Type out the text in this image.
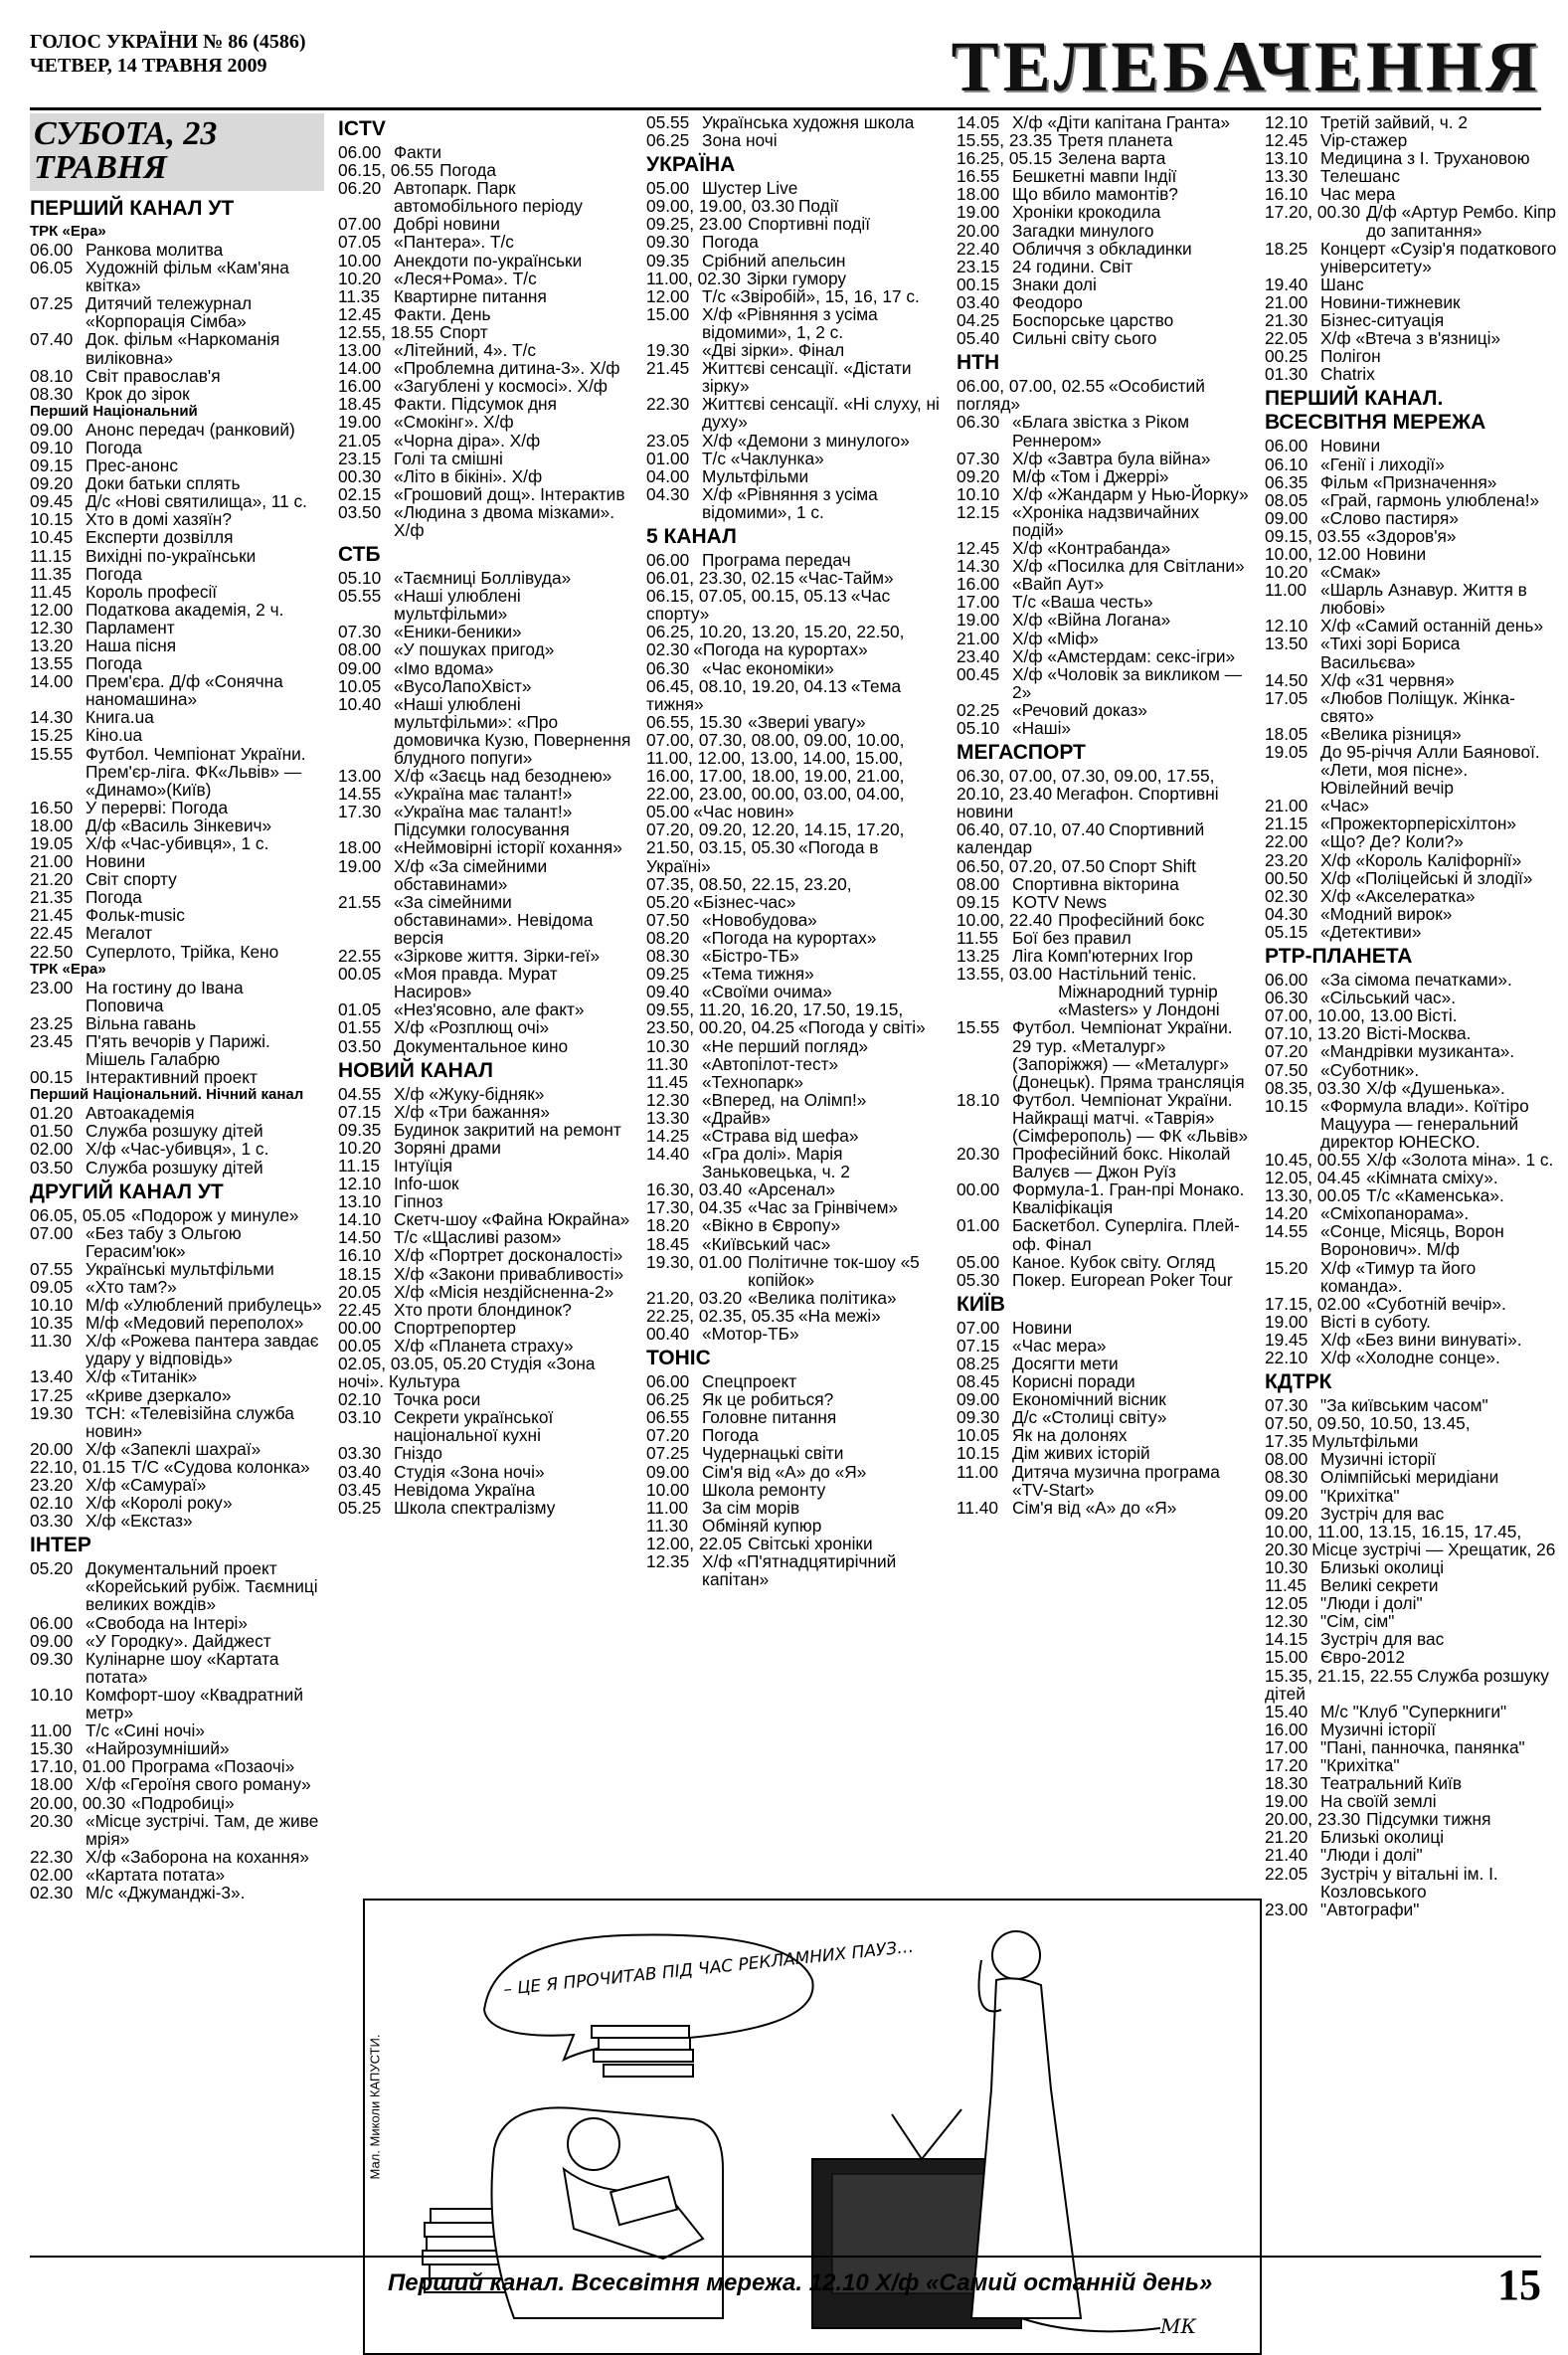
ГОЛОС УКРАЇНИ № 86 (4586)
ЧЕТВЕР, 14 ТРАВНЯ 2009	ТЕЛЕБАЧЕННЯ
СУБОТА, 23 ТРАВНЯ
ПЕРШИЙ КАНАЛ УТ
ТРК «Ера»
06.00 Ранкова молитва
06.05 Художній фільм «Кам'яна квітка»
07.25 Дитячий тележурнал «Корпорація Сімба»
07.40 Док. фільм «Наркоманія виліковна»
08.10 Світ православ'я
08.30 Крок до зірок
Перший Національний
09.00 Анонс передач (ранковий)
09.10 Погода
09.15 Прес-анонс
09.20 Доки батьки сплять
09.45 Д/с «Нові святилища», 11 с.
10.15 Хто в домі хазяїн?
10.45 Експерти дозвілля
11.15 Вихідні по-українськи
11.35 Погода
11.45 Король професії
12.00 Податкова академія, 2 ч.
12.30 Парламент
13.20 Наша пісня
13.55 Погода
14.00 Прем'єра. Д/ф «Сонячна наномашина»
14.30 Книга.ua
15.25 Кіно.ua
15.55 Футбол. Чемпіонат України. Прем'єр-ліга. ФК«Львів» — «Динамо»(Київ)
16.50 У перерві: Погода
18.00 Д/ф «Василь Зінкевич»
19.05 Х/ф «Час-убивця», 1 с.
21.00 Новини
21.20 Світ спорту
21.35 Погода
21.45 Фольк-music
22.45 Мегалот
22.50 Суперлото, Трійка, Кено
ТРК «Ера»
23.00 На гостину до Івана Поповича
23.25 Вільна гавань
23.45 П'ять вечорів у Парижі. Мішель Галабрю
00.15 Інтерактивний проект
Перший Національний. Нічний канал
01.20 Автоакадемія
01.50 Служба розшуку дітей
02.00 Х/ф «Час-убивця», 1 с.
03.50 Служба розшуку дітей
ДРУГИЙ КАНАЛ УТ
06.05, 05.05 «Подорож у минуле»
07.00 «Без табу з Ольгою Герасим'юк»
07.55 Українські мультфільми
09.05 «Хто там?»
10.10 М/ф «Улюблений прибулець»
10.35 М/ф «Медовий переполох»
11.30 Х/ф «Рожева пантера завдає удару у відповідь»
13.40 Х/ф «Титанік»
17.25 «Криве дзеркало»
19.30 ТСН: «Телевізійна служба новин»
20.00 Х/ф «Запеклі шахраї»
22.10, 01.15 Т/С «Судова колонка»
23.20 Х/ф «Самураї»
02.10 Х/ф «Королі року»
03.30 Х/ф «Екстаз»
ІНТЕР
05.20 Документальний проект «Корейський рубіж. Таємниці великих вождів»
06.00 «Свобода на Інтері»
09.00 «У Городку». Дайджест
09.30 Кулінарне шоу «Картата потата»
10.10 Комфорт-шоу «Квадратний метр»
11.00 Т/с «Сині ночі»
15.30 «Найрозумніший»
17.10, 01.00 Програма «Позаочі»
18.00 Х/ф «Героїня свого роману»
20.00, 00.30 «Подробиці»
20.30 «Місце зустрічі. Там, де живе мрія»
22.30 Х/ф «Заборона на кохання»
02.00 «Картата потата»
02.30 М/с «Джуманджі-3».
ICTV
06.00 Факти
06.15, 06.55 Погода
06.20 Автопарк. Парк автомобільного періоду
07.00 Добрі новини
07.05 «Пантера». Т/с
10.00 Анекдоти по-українськи
10.20 «Леся+Рома». Т/с
11.35 Квартирне питання
12.45 Факти. День
12.55, 18.55 Спорт
13.00 «Літейний, 4». Т/с
14.00 «Проблемна дитина-3». Х/ф
16.00 «Загублені у космосі». Х/ф
18.45 Факти. Підсумок дня
19.00 «Смокінг». Х/ф
21.05 «Чорна діра». Х/ф
23.15 Голі та смішні
00.30 «Літо в бікіні». Х/ф
02.15 «Грошовий дощ». Інтерактив
03.50 «Людина з двома мізками». Х/ф
СТБ
05.10 «Таємниці Боллівуда»
05.55 «Наші улюблені мультфільми»
07.30 «Еники-беники»
08.00 «У пошуках пригод»
09.00 «Імо вдома»
10.05 «ВусоЛапоХвіст»
10.40 «Наші улюблені мультфільми»: «Про домовичка Кузю, Повернення блудного попуги»
13.00 Х/ф «Заєць над безоднею»
14.55 «Україна має талант!»
17.30 «Україна має талант!» Підсумки голосування
18.00 «Неймовірні історії кохання»
19.00 Х/ф «За сімейними обставинами»
21.55 «За сімейними обставинами». Невідома версія
22.55 «Зіркове життя. Зірки-геї»
00.05 «Моя правда. Мурат Насиров»
01.05 «Нез'ясовно, але факт»
01.55 Х/ф «Розплющ очі»
03.50 Документальное кино
НОВИЙ КАНАЛ
04.55 Х/ф «Жуку-бідняк»
07.15 Х/ф «Три бажання»
09.35 Будинок закритий на ремонт
10.20 Зоряні драми
11.15 Інтуїція
12.10 Info-шок
13.10 Гіпноз
14.10 Скетч-шоу «Файна Юкрайна»
14.50 Т/с «Щасливі разом»
16.10 Х/ф «Портрет досконалості»
18.15 Х/ф «Закони привабливості»
20.05 Х/ф «Місія нездійсненна-2»
22.45 Хто проти блондинок?
00.00 Спортрепортер
00.05 Х/ф «Планета страху»
02.05, 03.05, 05.20 Студія «Зона ночі». Культура
02.10 Точка роси
03.10 Секрети української національної кухні
03.30 Гніздо
03.40 Студія «Зона ночі»
03.45 Невідома Україна
05.25 Школа спектралізму
05.55 Українська художня школа
06.25 Зона ночі
УКРАЇНА
05.00 Шустер Live
09.00, 19.00, 03.30 Події
09.25, 23.00 Спортивні події
09.30 Погода
09.35 Срібний апельсин
11.00, 02.30 Зірки гумору
12.00 Т/с «Звіробій», 15, 16, 17 с.
15.00 Х/ф «Рівняння з усіма відомими», 1, 2 с.
19.30 «Дві зірки». Фінал
21.45 Життєві сенсації. «Дістати зірку»
22.30 Життєві сенсації. «Ні слуху, ні духу»
23.05 Х/ф «Демони з минулого»
01.00 Т/с «Чаклунка»
04.00 Мультфільми
04.30 Х/ф «Рівняння з усіма відомими», 1 с.
5 КАНАЛ
06.00 Програма передач
06.01, 23.30, 02.15 «Час-Тайм»
06.15, 07.05, 00.15, 05.13 «Час спорту»
06.25, 10.20, 13.20, 15.20, 22.50, 02.30 «Погода на курортах»
06.30 «Час економіки»
06.45, 08.10, 19.20, 04.13 «Тема тижня»
06.55, 15.30 «Звериi увагу»
07.00, 07.30, 08.00, 09.00, 10.00, 11.00, 12.00, 13.00, 14.00, 15.00, 16.00, 17.00, 18.00, 19.00, 21.00, 22.00, 23.00, 00.00, 03.00, 04.00, 05.00 «Час новин»
07.20, 09.20, 12.20, 14.15, 17.20, 21.50, 03.15, 05.30 «Погода в Україні»
07.35, 08.50, 22.15, 23.20, 05.20 «Бізнес-час»
07.50 «Новобудова»
08.20 «Погода на курортах»
08.30 «Бістро-ТБ»
09.25 «Тема тижня»
09.40 «Своїми очима»
09.55, 11.20, 16.20, 17.50, 19.15, 23.50, 00.20, 04.25 «Погода у світі»
10.30 «Не перший погляд»
11.30 «Автопілот-тест»
11.45 «Технопарк»
12.30 «Вперед, на Олімп!»
13.30 «Драйв»
14.25 «Страва від шефа»
14.40 «Гра долі». Марія Заньковецька, ч. 2
16.30, 03.40 «Арсенал»
17.30, 04.35 «Час за Грінвічем»
18.20 «Вікно в Європу»
18.45 «Київський час»
19.30, 01.00 Політичне ток-шоу «5 копійок»
21.20, 03.20 «Велика політика»
22.25, 02.35, 05.35 «На межі»
00.40 «Мотор-ТБ»
ТОНІС
06.00 Спецпроект
06.25 Як це робиться?
06.55 Головне питання
07.20 Погода
07.25 Чудернацькі світи
09.00 Сім'я від «А» до «Я»
10.00 Школа ремонту
11.00 За сім морів
11.30 Обміняй купюр
12.00, 22.05 Світські хроніки
12.35 Х/ф «П'ятнадцятирічний капітан»
14.05 Х/ф «Діти капітана Гранта»
15.55, 23.35 Третя планета
16.25, 05.15 Зелена варта
16.55 Бешкетні мавпи Індії
18.00 Що вбило мамонтів?
19.00 Хроніки крокодила
20.00 Загадки минулого
22.40 Обличчя з обкладинки
23.15 24 години. Світ
00.15 Знаки долі
03.40 Феодоро
04.25 Боспорське царство
05.40 Сильні світу сього
НТН
06.00, 07.00, 02.55 «Особистий погляд»
06.30 «Блага звістка з Ріком Реннером»
07.30 Х/ф «Завтра була війна»
09.20 М/ф «Том і Джеррі»
10.10 Х/ф «Жандарм у Нью-Йорку»
12.15 «Хроніка надзвичайних подій»
12.45 Х/ф «Контрабанда»
14.30 Х/ф «Посилка для Світлани»
16.00 «Вайп Аут»
17.00 Т/с «Ваша честь»
19.00 Х/ф «Війна Логана»
21.00 Х/ф «Міф»
23.40 Х/ф «Амстердам: секс-ігри»
00.45 Х/ф «Чоловік за викликом — 2»
02.25 «Речовий доказ»
05.10 «Наші»
МЕГАСПОРТ
06.30, 07.00, 07.30, 09.00, 17.55, 20.10, 23.40 Мегафон. Спортивні новини
06.40, 07.10, 07.40 Спортивний календар
06.50, 07.20, 07.50 Спорт Shift
08.00 Спортивна вікторина
09.15 KOTV News
10.00, 22.40 Професійний бокс
11.55 Бої без правил
13.25 Ліга Комп'ютерних Ігор
13.55, 03.00 Настільний теніс. Міжнародний турнір «Masters» у Лондоні
15.55 Футбол. Чемпіонат України. 29 тур. «Металург» (Запоріжжя) — «Металург» (Донецьк). Пряма трансляція
18.10 Футбол. Чемпіонат України. Найкращі матчі. «Таврія» (Сімферополь) — ФК «Львів»
20.30 Професійний бокс. Ніколай Валуєв — Джон Руїз
00.00 Формула-1. Гран-прі Монако. Кваліфікація
01.00 Баскетбол. Суперліга. Плей-оф. Фінал
05.00 Каное. Кубок світу. Огляд
05.30 Покер. European Poker Tour
КИЇВ
07.00 Новини
07.15 «Час мера»
08.25 Досягти мети
08.45 Корисні поради
09.00 Економічний вісник
09.30 Д/с «Столиці світу»
10.05 Як на долонях
10.15 Дім живих історій
11.00 Дитяча музична програма «TV-Start»
11.40 Сім'я від «А» до «Я»
12.10 Третій зайвий, ч. 2
12.45 Vip-стажер
13.10 Медицина з І. Трухановою
13.30 Телешанс
16.10 Час мера
17.20, 00.30 Д/ф «Артур Рембо. Кіпр до запитання»
18.25 Концерт «Сузір'я податкового університету»
19.40 Шанс
21.00 Новини-тижневик
21.30 Бізнес-ситуація
22.05 Х/ф «Втеча з в'язниці»
00.25 Полігон
01.30 Chatrix
ПЕРШИЙ КАНАЛ. ВСЕСВІТНЯ МЕРЕЖА
06.00 Новини
06.10 «Генії і лиходії»
06.35 Фільм «Призначення»
08.05 «Грай, гармонь улюблена!»
09.00 «Слово пастиря»
09.15, 03.55 «Здоров'я»
10.00, 12.00 Новини
10.20 «Смак»
11.00 «Шарль Азнавур. Життя в любові»
12.10 Х/ф «Самий останній день»
13.50 «Тихі зорі Бориса Васильєва»
14.50 Х/ф «31 червня»
17.05 «Любов Поліщук. Жінка-свято»
18.05 «Велика різниця»
19.05 До 95-річчя Алли Баянової. «Лети, моя пісне». Ювілейний вечір
21.00 «Час»
21.15 «Прожекторперісхілтон»
22.00 «Що? Де? Коли?»
23.20 Х/ф «Король Каліфорнії»
00.50 Х/ф «Поліцейські й злодії»
02.30 Х/ф «Акселератка»
04.30 «Модний вирок»
05.15 «Детективи»
РТР-ПЛАНЕТА
06.00 «За сімома печатками».
06.30 «Сільський час».
07.00, 10.00, 13.00 Вісті.
07.10, 13.20 Вісті-Москва.
07.20 «Мандрівки музиканта».
07.50 «Суботник».
08.35, 03.30 Х/ф «Душенька».
10.15 «Формула влади». Коїтіро Мацуура — генеральний директор ЮНЕСКО.
10.45, 00.55 Х/ф «Золота міна». 1 с.
12.05, 04.45 «Кімната сміху».
13.30, 00.05 Т/с «Каменська».
14.20 «Сміхопанорама».
14.55 «Сонце, Місяць, Ворон Воронович». М/ф
15.20 Х/ф «Тимур та його команда».
17.15, 02.00 «Суботній вечір».
19.00 Вісті в суботу.
19.45 Х/ф «Без вини винуваті».
22.10 Х/ф «Холодне сонце».
КДТРК
07.30 "За київським часом"
07.50, 09.50, 10.50, 13.45, 17.35 Мультфільми
08.00 Музичні історії
08.30 Олімпійські меридіани
09.00 "Крихітка"
09.20 Зустріч для вас
10.00, 11.00, 13.15, 16.15, 17.45, 20.30 Місце зустрічі — Хрещатик, 26
10.30 Близькі околиці
11.45 Великі секрети
12.05 "Люди і долі"
12.30 "Сім, сім"
14.15 Зустріч для вас
15.00 Євро-2012
15.35, 21.15, 22.55 Служба розшуку дітей
15.40 М/с "Клуб "Суперкниги"
16.00 Музичні історії
17.00 "Пані, панночка, панянка"
17.20 "Крихітка"
18.30 Театральний Київ
19.00 На своїй землі
20.00, 23.30 Підсумки тижня
21.20 Близькі околиці
21.40 "Люди і долі"
22.05 Зустріч у вітальні ім. І. Козловського
23.00 "Автографи"
Мал. Миколи КАПУСТИ.
– ЦЕ Я ПРОЧИТАВ ПІД ЧАС РЕКЛАМНИХ ПАУЗ…
МК
Перший канал. Всесвітня мережа. 12.10 Х/ф «Самий останній день»	15
